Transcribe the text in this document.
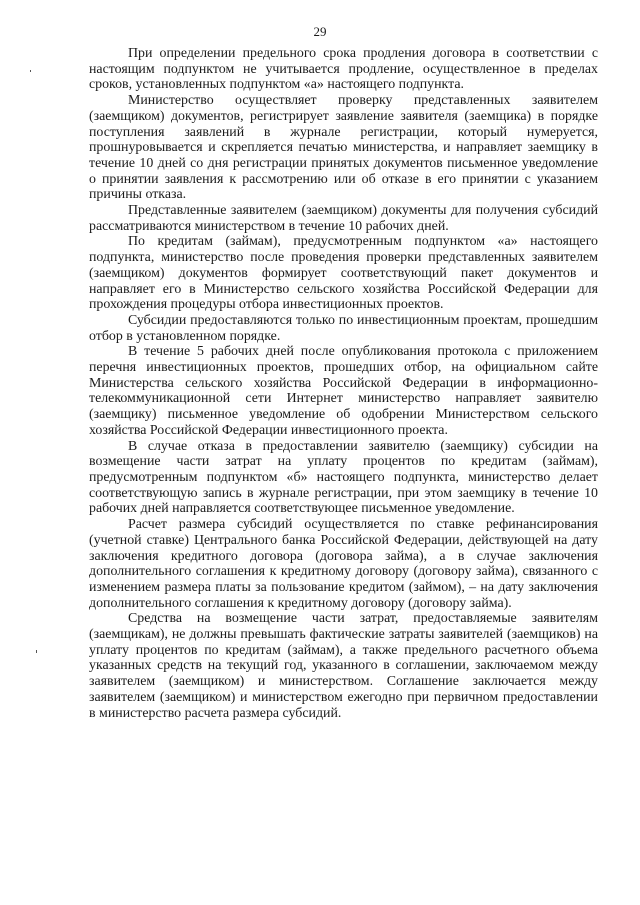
29

При определении предельного срока продления договора в соответствии с настоящим подпунктом не учитывается продление, осуществленное в пределах сроков, установленных подпунктом «а» настоящего подпункта.

Министерство осуществляет проверку представленных заявителем (заемщиком) документов, регистрирует заявление заявителя (заемщика) в порядке поступления заявлений в журнале регистрации, который нумеруется, прошнуровывается и скрепляется печатью министерства, и направляет заемщику в течение 10 дней со дня регистрации принятых документов письменное уведомление о принятии заявления к рассмотрению или об отказе в его принятии с указанием причины отказа.

Представленные заявителем (заемщиком) документы для получения субсидий рассматриваются министерством в течение 10 рабочих дней.

По кредитам (займам), предусмотренным подпунктом «а» настоящего подпункта, министерство после проведения проверки представленных заявителем (заемщиком) документов формирует соответствующий пакет документов и направляет его в Министерство сельского хозяйства Российской Федерации для прохождения процедуры отбора инвестиционных проектов.

Субсидии предоставляются только по инвестиционным проектам, прошедшим отбор в установленном порядке.

В течение 5 рабочих дней после опубликования протокола с приложением перечня инвестиционных проектов, прошедших отбор, на официальном сайте Министерства сельского хозяйства Российской Федерации в информационно-телекоммуникационной сети Интернет министерство направляет заявителю (заемщику) письменное уведомление об одобрении Министерством сельского хозяйства Российской Федерации инвестиционного проекта.

В случае отказа в предоставлении заявителю (заемщику) субсидии на возмещение части затрат на уплату процентов по кредитам (займам), предусмотренным подпунктом «б» настоящего подпункта, министерство делает соответствующую запись в журнале регистрации, при этом заемщику в течение 10 рабочих дней направляется соответствующее письменное уведомление.

Расчет размера субсидий осуществляется по ставке рефинансирования (учетной ставке) Центрального банка Российской Федерации, действующей на дату заключения кредитного договора (договора займа), а в случае заключения дополнительного соглашения к кредитному договору (договору займа), связанного с изменением размера платы за пользование кредитом (займом), – на дату заключения дополнительного соглашения к кредитному договору (договору займа).

Средства на возмещение части затрат, предоставляемые заявителям (заемщикам), не должны превышать фактические затраты заявителей (заемщиков) на уплату процентов по кредитам (займам), а также предельного расчетного объема указанных средств на текущий год, указанного в соглашении, заключаемом между заявителем (заемщиком) и министерством. Соглашение заключается между заявителем (заемщиком) и министерством ежегодно при первичном предоставлении в министерство расчета размера субсидий.
